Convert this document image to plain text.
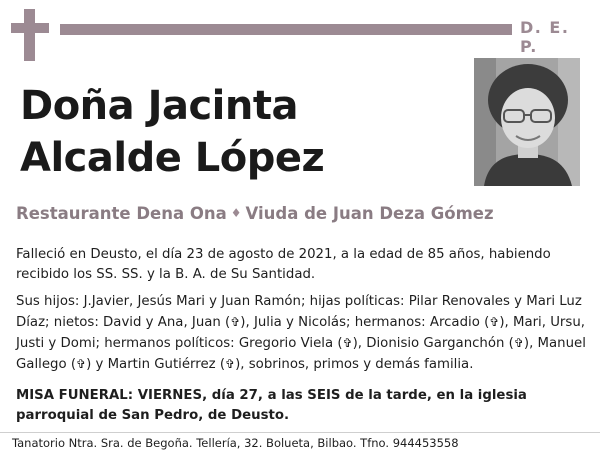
D. E. P.
Doña Jacinta
Alcalde López
Restaurante Dena Ona ♦ Viuda de Juan Deza Gómez
Falleció en Deusto, el día 23 de agosto de 2021, a la edad de 85 años, habiendo recibido los SS. SS. y la B. A. de Su Santidad.
Sus hijos: J.Javier, Jesús Mari y Juan Ramón; hijas políticas: Pilar Renovales y Mari Luz Díaz; nietos: David y Ana, Juan (✞), Julia y Nicolás; hermanos: Arcadio (✞), Mari, Ursu, Justi y Domi; hermanos políticos: Gregorio Viela (✞), Dionisio Garganchón (✞), Manuel Gallego (✞) y Martin Gutiérrez (✞), sobrinos, primos y demás familia.
MISA FUNERAL: VIERNES, día 27, a las SEIS de la tarde, en la iglesia parroquial de San Pedro, de Deusto.
Tanatorio Ntra. Sra. de Begoña. Tellería, 32. Bolueta, Bilbao. Tfno. 944453558
